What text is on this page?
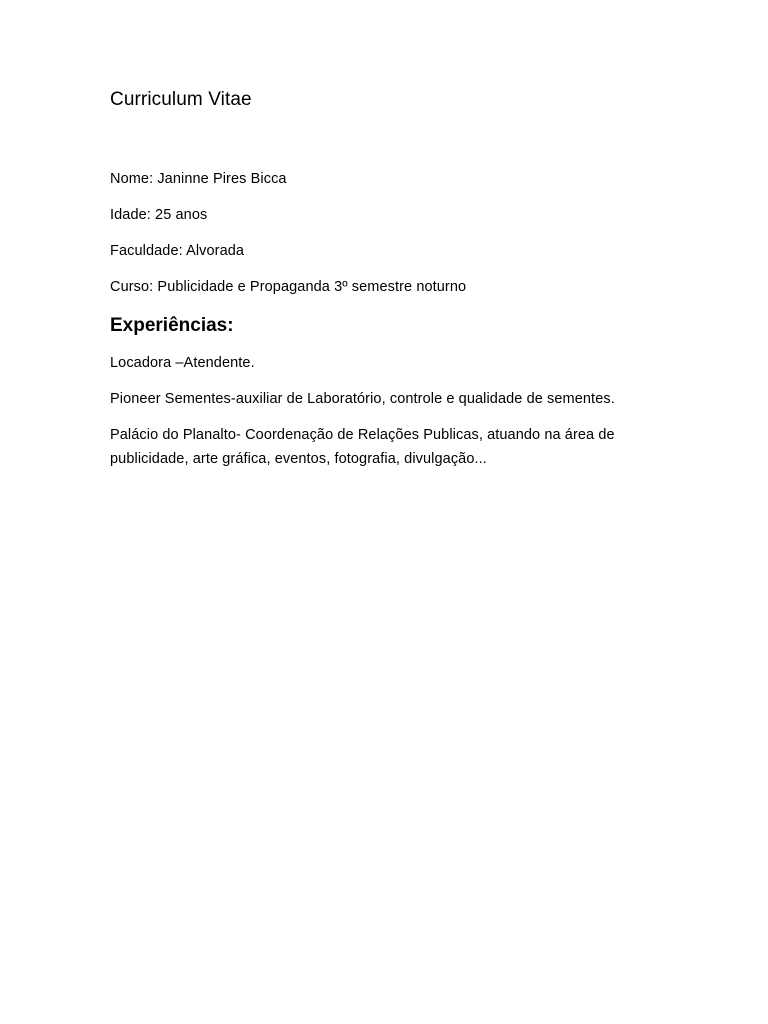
Curriculum Vitae

Nome: Janinne Pires Bicca

Idade: 25 anos

Faculdade: Alvorada

Curso: Publicidade e Propaganda 3º semestre noturno

Experiências:

Locadora –Atendente.

Pioneer Sementes-auxiliar de Laboratório, controle e qualidade de sementes.

Palácio do Planalto- Coordenação de Relações Publicas, atuando na área de publicidade, arte gráfica, eventos, fotografia, divulgação...
